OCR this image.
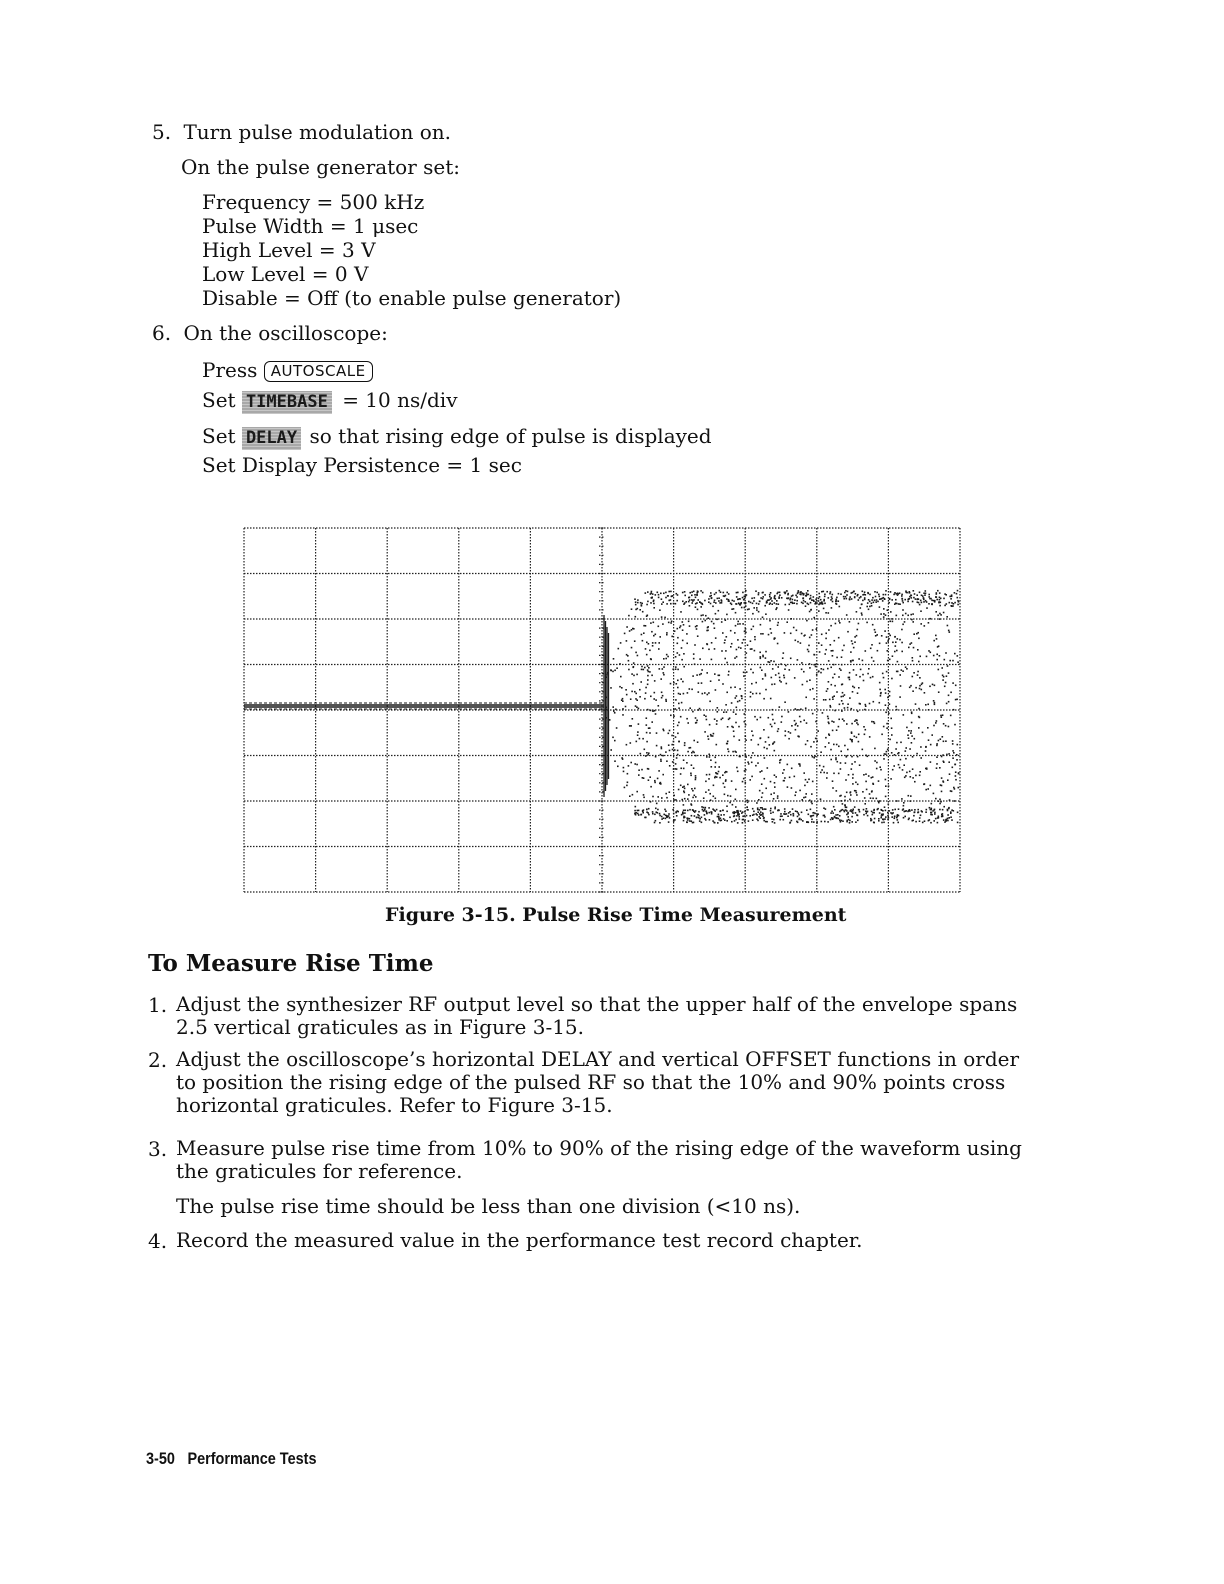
5. Turn pulse modulation on.
On the pulse generator set:
Frequency = 500 kHz
Pulse Width = 1 μsec
High Level = 3 V
Low Level = 0 V
Disable = Off (to enable pulse generator)
6. On the oscilloscope:
Press AUTOSCALE
Set TIMEBASE = 10 ns/div
Set DELAY so that rising edge of pulse is displayed
Set Display Persistence = 1 sec
Figure 3-15. Pulse Rise Time Measurement
To Measure Rise Time
1. Adjust the synthesizer RF output level so that the upper half of the envelope spans 2.5 vertical graticules as in Figure 3-15.
2. Adjust the oscilloscope’s horizontal DELAY and vertical OFFSET functions in order to position the rising edge of the pulsed RF so that the 10% and 90% points cross horizontal graticules. Refer to Figure 3-15.
3. Measure pulse rise time from 10% to 90% of the rising edge of the waveform using the graticules for reference.
The pulse rise time should be less than one division (<10 ns).
4. Record the measured value in the performance test record chapter.
3-50 Performance Tests
